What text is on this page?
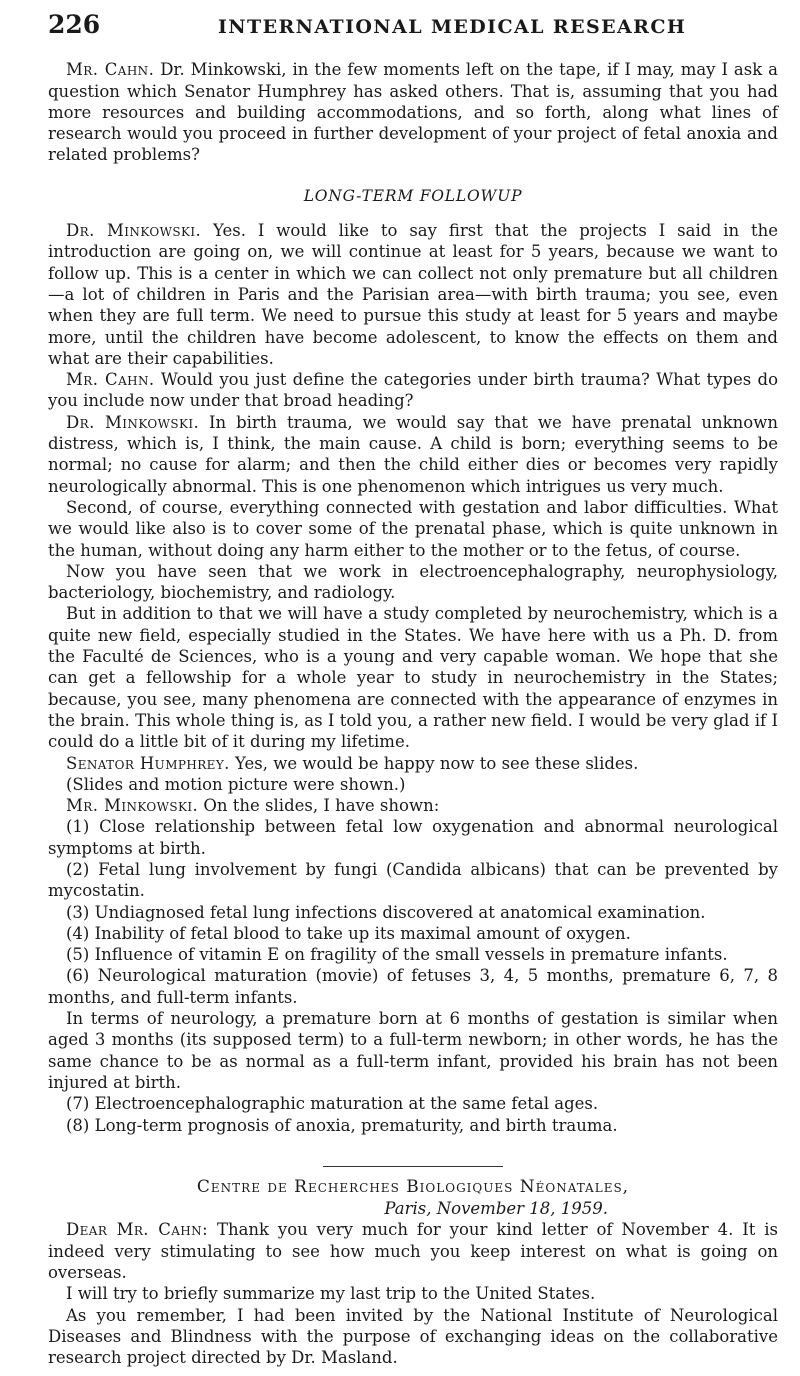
226	INTERNATIONAL MEDICAL RESEARCH

Mr. Cahn. Dr. Minkowski, in the few moments left on the tape, if I may, may I ask a question which Senator Humphrey has asked others. That is, assuming that you had more resources and building accommodations, and so forth, along what lines of research would you proceed in further development of your project of fetal anoxia and related problems?

LONG-TERM FOLLOWUP

Dr. Minkowski. Yes. I would like to say first that the projects I said in the introduction are going on, we will continue at least for 5 years, because we want to follow up. This is a center in which we can collect not only premature but all children—a lot of children in Paris and the Parisian area—with birth trauma; you see, even when they are full term. We need to pursue this study at least for 5 years and maybe more, until the children have become adolescent, to know the effects on them and what are their capabilities.

Mr. Cahn. Would you just define the categories under birth trauma? What types do you include now under that broad heading?

Dr. Minkowski. In birth trauma, we would say that we have prenatal unknown distress, which is, I think, the main cause. A child is born; everything seems to be normal; no cause for alarm; and then the child either dies or becomes very rapidly neurologically abnormal. This is one phenomenon which intrigues us very much.

Second, of course, everything connected with gestation and labor difficulties. What we would like also is to cover some of the prenatal phase, which is quite unknown in the human, without doing any harm either to the mother or to the fetus, of course.

Now you have seen that we work in electroencephalography, neurophysiology, bacteriology, biochemistry, and radiology.

But in addition to that we will have a study completed by neurochemistry, which is a quite new field, especially studied in the States. We have here with us a Ph. D. from the Faculté de Sciences, who is a young and very capable woman. We hope that she can get a fellowship for a whole year to study in neurochemistry in the States; because, you see, many phenomena are connected with the appearance of enzymes in the brain. This whole thing is, as I told you, a rather new field. I would be very glad if I could do a little bit of it during my lifetime.

Senator Humphrey. Yes, we would be happy now to see these slides.

(Slides and motion picture were shown.)

Mr. Minkowski. On the slides, I have shown:

(1) Close relationship between fetal low oxygenation and abnormal neurological symptoms at birth.

(2) Fetal lung involvement by fungi (Candida albicans) that can be prevented by mycostatin.

(3) Undiagnosed fetal lung infections discovered at anatomical examination.

(4) Inability of fetal blood to take up its maximal amount of oxygen.

(5) Influence of vitamin E on fragility of the small vessels in premature infants.

(6) Neurological maturation (movie) of fetuses 3, 4, 5 months, premature 6, 7, 8 months, and full-term infants.

In terms of neurology, a premature born at 6 months of gestation is similar when aged 3 months (its supposed term) to a full-term newborn; in other words, he has the same chance to be as normal as a full-term infant, provided his brain has not been injured at birth.

(7) Electroencephalographic maturation at the same fetal ages.

(8) Long-term prognosis of anoxia, prematurity, and birth trauma.

Centre de Recherches Biologiques Néonatales,
Paris, November 18, 1959.

Dear Mr. Cahn: Thank you very much for your kind letter of November 4. It is indeed very stimulating to see how much you keep interest on what is going on overseas.

I will try to briefly summarize my last trip to the United States.

As you remember, I had been invited by the National Institute of Neurological Diseases and Blindness with the purpose of exchanging ideas on the collaborative research project directed by Dr. Masland.
